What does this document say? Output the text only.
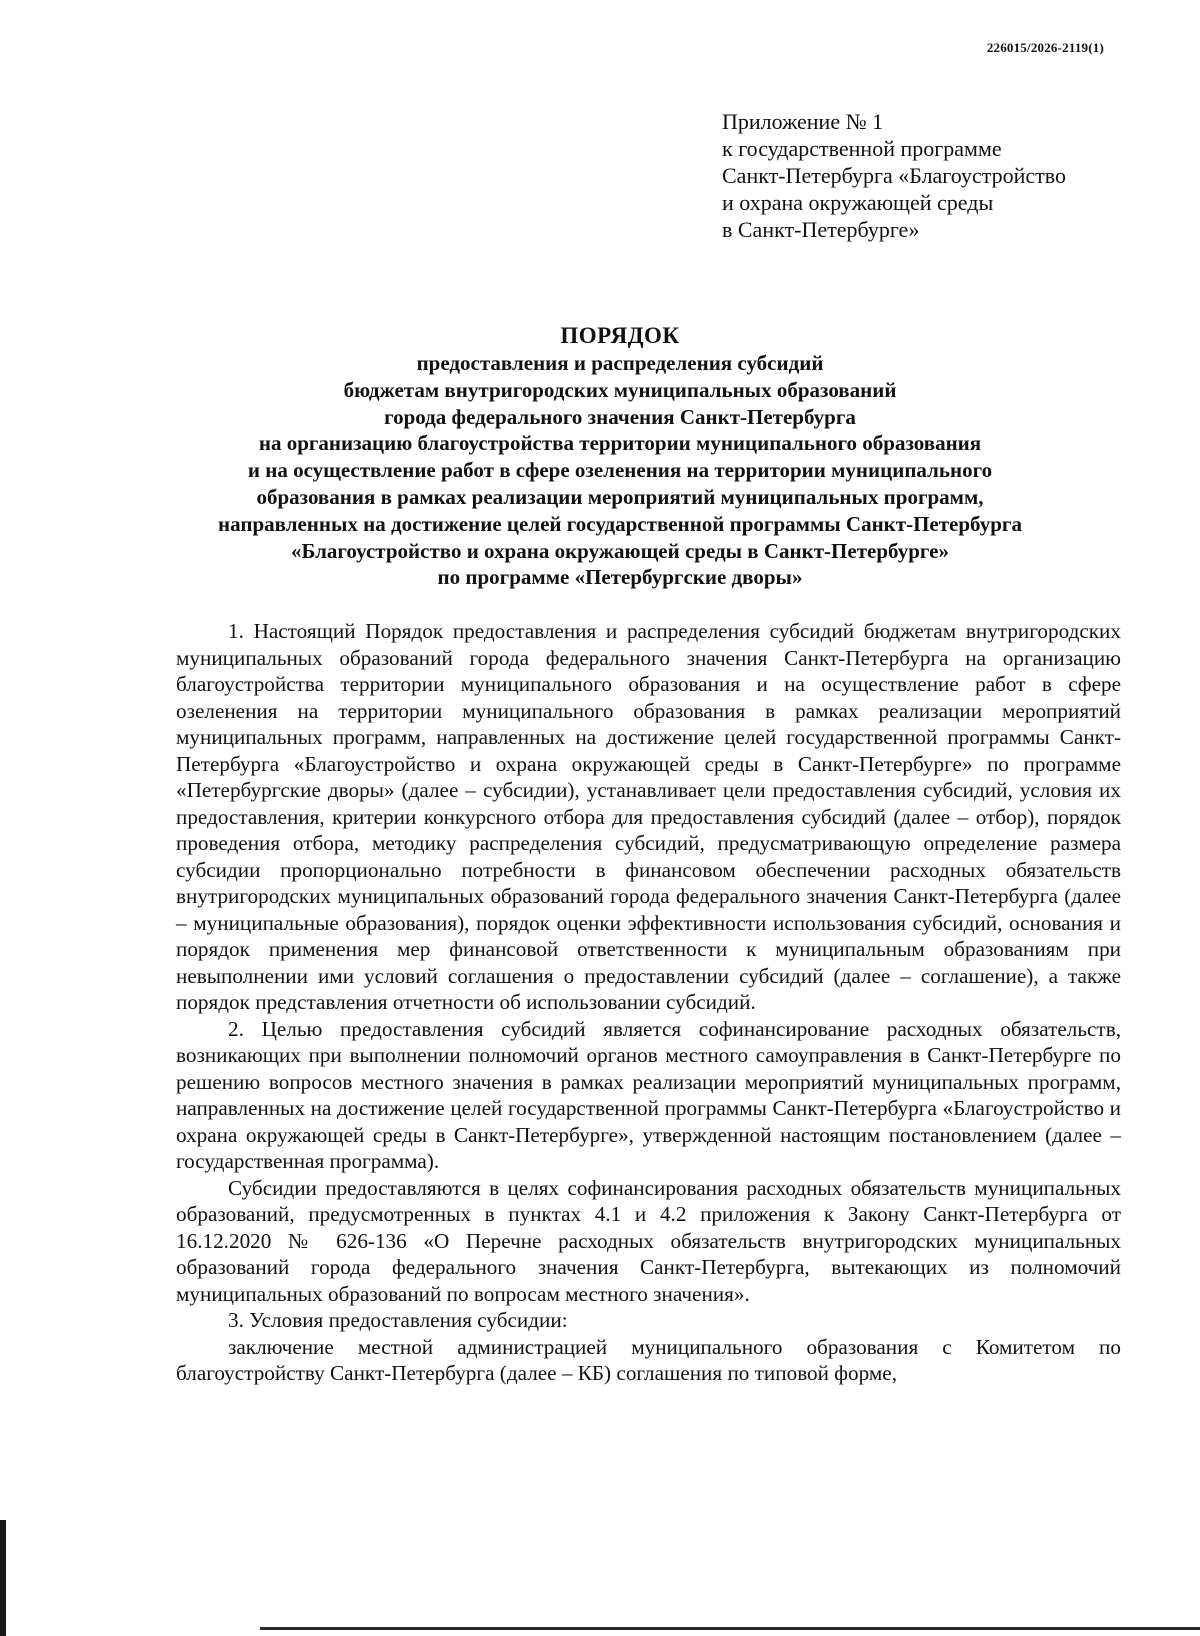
226015/2026-2119(1)
Приложение № 1
к государственной программе
Санкт-Петербурга «Благоустройство
и охрана окружающей среды
в Санкт-Петербурге»
ПОРЯДОК
предоставления и распределения субсидий
бюджетам внутригородских муниципальных образований
города федерального значения Санкт-Петербурга
на организацию благоустройства территории муниципального образования
и на осуществление работ в сфере озеленения на территории муниципального
образования в рамках реализации мероприятий муниципальных программ,
направленных на достижение целей государственной программы Санкт-Петербурга
«Благоустройство и охрана окружающей среды в Санкт-Петербурге»
по программе «Петербургские дворы»

1. Настоящий Порядок предоставления и распределения субсидий бюджетам внутригородских муниципальных образований города федерального значения Санкт-Петербурга на организацию благоустройства территории муниципального образования и на осуществление работ в сфере озеленения на территории муниципального образования в рамках реализации мероприятий муниципальных программ, направленных на достижение целей государственной программы Санкт-Петербурга «Благоустройство и охрана окружающей среды в Санкт-Петербурге» по программе «Петербургские дворы» (далее – субсидии), устанавливает цели предоставления субсидий, условия их предоставления, критерии конкурсного отбора для предоставления субсидий (далее – отбор), порядок проведения отбора, методику распределения субсидий, предусматривающую определение размера субсидии пропорционально потребности в финансовом обеспечении расходных обязательств внутригородских муниципальных образований города федерального значения Санкт-Петербурга (далее – муниципальные образования), порядок оценки эффективности использования субсидий, основания и порядок применения мер финансовой ответственности к муниципальным образованиям при невыполнении ими условий соглашения о предоставлении субсидий (далее – соглашение), а также порядок представления отчетности об использовании субсидий.

2. Целью предоставления субсидий является софинансирование расходных обязательств, возникающих при выполнении полномочий органов местного самоуправления в Санкт-Петербурге по решению вопросов местного значения в рамках реализации мероприятий муниципальных программ, направленных на достижение целей государственной программы Санкт-Петербурга «Благоустройство и охрана окружающей среды в Санкт-Петербурге», утвержденной настоящим постановлением (далее – государственная программа).

Субсидии предоставляются в целях софинансирования расходных обязательств муниципальных образований, предусмотренных в пунктах 4.1 и 4.2 приложения к Закону Санкт-Петербурга от 16.12.2020 № 626-136 «О Перечне расходных обязательств внутригородских муниципальных образований города федерального значения Санкт-Петербурга, вытекающих из полномочий муниципальных образований по вопросам местного значения».

3. Условия предоставления субсидии:

заключение местной администрацией муниципального образования с Комитетом по благоустройству Санкт-Петербурга (далее – КБ) соглашения по типовой форме,
